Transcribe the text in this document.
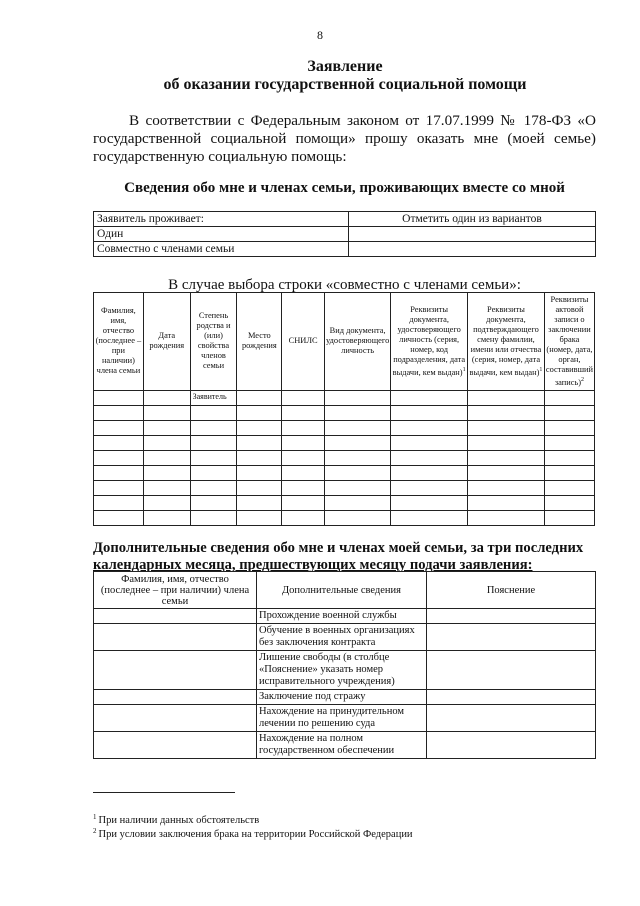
8
Заявление
об оказании государственной социальной помощи
В соответствии с Федеральным законом от 17.07.1999 № 178-ФЗ «О государственной социальной помощи» прошу оказать мне (моей семье) государственную социальную помощь:
Сведения обо мне и членах семьи, проживающих вместе со мной
Заявитель проживает:	Отметить один из вариантов
Один	
Совместно с членами семьи	
В случае выбора строки «совместно с членами семьи»:
Фамилия, имя, отчество (последнее – при наличии) члена семьи	Дата рождения	Степень родства и (или) свойства членов семьи	Место рождения	СНИЛС	Вид документа, удостоверяющего личность	Реквизиты документа, удостоверяющего личность (серия, номер, код подразделения, дата выдачи, кем выдан)$^1$	Реквизиты документа, подтверждающего смену фамилии, имени или отчества (серия, номер, дата выдачи, кем выдан)$^1$	Реквизиты актовой записи о заключении брака (номер, дата, орган, составивший запись)$^2$
		Заявитель						

Дополнительные сведения обо мне и членах моей семьи, за три последних
календарных месяца, предшествующих месяцу подачи заявления:
Фамилия, имя, отчество (последнее – при наличии) члена семьи	Дополнительные сведения	Пояснение
	Прохождение военной службы	
	Обучение в военных организациях без заключения контракта	
	Лишение свободы (в столбце «Пояснение» указать номер исправительного учреждения)	
	Заключение под стражу	
	Нахождение на принудительном лечении по решению суда	
	Нахождение на полном государственном обеспечении	
$^1$ При наличии данных обстоятельств
$^2$ При условии заключения брака на территории Российской Федерации
